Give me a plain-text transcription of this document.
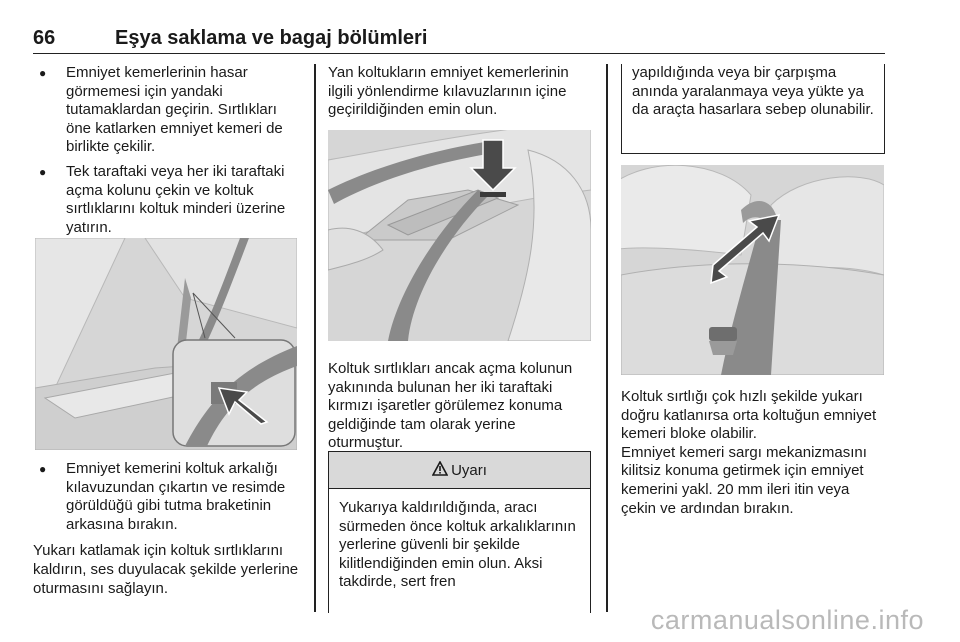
66	Eşya saklama ve bagaj bölümleri
● Emniyet kemerlerinin hasar görmemesi için yandaki tutamaklardan geçirin. Sırtlıkları öne katlarken emniyet kemeri de birlikte çekilir.
● Tek taraftaki veya her iki taraftaki açma kolunu çekin ve koltuk sırtlıklarını koltuk minderi üzerine yatırın.
● Emniyet kemerini koltuk arkalığı kılavuzundan çıkartın ve resimde görüldüğü gibi tutma braketinin arkasına bırakın.

Yukarı katlamak için koltuk sırtlıklarını kaldırın, ses duyulacak şekilde yerlerine oturmasını sağlayın.

Yan koltukların emniyet kemerlerinin ilgili yönlendirme kılavuzlarının içine geçirildiğinden emin olun.

Koltuk sırtlıkları ancak açma kolunun yakınında bulunan her iki taraftaki kırmızı işaretler görülemez konuma geldiğinde tam olarak yerine oturmuştur.

Uyarı
Yukarıya kaldırıldığında, aracı sürmeden önce koltuk arkalıklarının yerlerine güvenli bir şekilde kilitlendiğinden emin olun. Aksi takdirde, sert fren
yapıldığında veya bir çarpışma anında yaralanmaya veya yükte ya da araçta hasarlara sebep olunabilir.

Koltuk sırtlığı çok hızlı şekilde yukarı doğru katlanırsa orta koltuğun emniyet kemeri bloke olabilir.

Emniyet kemeri sargı mekanizmasını kilitsiz konuma getirmek için emniyet kemerini yakl. 20 mm ileri itin veya çekin ve ardından bırakın.

carmanualsonline.info
